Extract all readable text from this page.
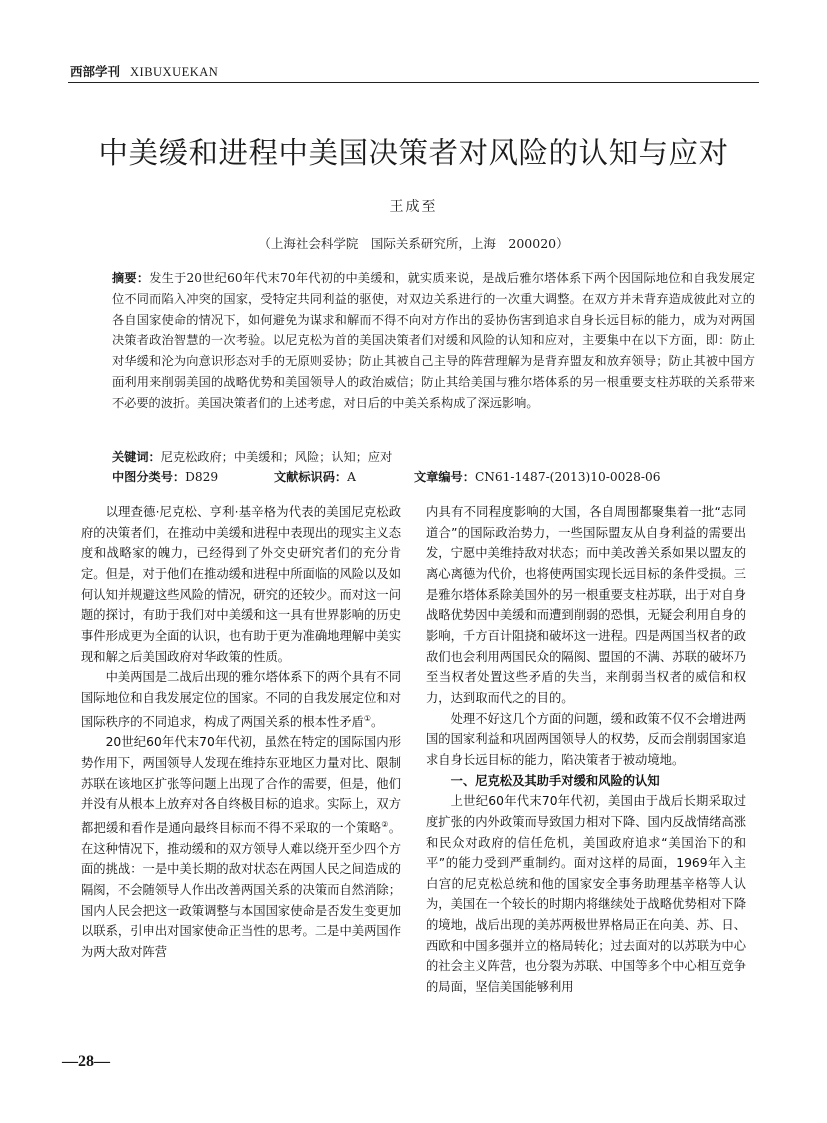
西部学刊 XIBUXUEKAN
中美缓和进程中美国决策者对风险的认知与应对
王成至
（上海社会科学院　国际关系研究所，上海　200020）
摘要：发生于20世纪60年代末70年代初的中美缓和，就实质来说，是战后雅尔塔体系下两个因国际地位和自我发展定位不同而陷入冲突的国家，受特定共同利益的驱使，对双边关系进行的一次重大调整。在双方并未背弃造成彼此对立的各自国家使命的情况下，如何避免为谋求和解而不得不向对方作出的妥协伤害到追求自身长远目标的能力，成为对两国决策者政治智慧的一次考验。以尼克松为首的美国决策者们对缓和风险的认知和应对，主要集中在以下方面，即：防止对华缓和沦为向意识形态对手的无原则妥协；防止其被自己主导的阵营理解为是背弃盟友和放弃领导；防止其被中国方面利用来削弱美国的战略优势和美国领导人的政治威信；防止其给美国与雅尔塔体系的另一根重要支柱苏联的关系带来不必要的波折。美国决策者们的上述考虑，对日后的中美关系构成了深远影响。
关键词：尼克松政府；中美缓和；风险；认知；应对
中图分类号：D829	文献标识码：A	文章编号：CN61-1487-(2013)10-0028-06

以理查德·尼克松、亨利·基辛格为代表的美国尼克松政府的决策者们，在推动中美缓和进程中表现出的现实主义态度和战略家的魄力，已经得到了外交史研究者们的充分肯定。但是，对于他们在推动缓和进程中所面临的风险以及如何认知并规避这些风险的情况，研究的还较少。而对这一问题的探讨，有助于我们对中美缓和这一具有世界影响的历史事件形成更为全面的认识，也有助于更为准确地理解中美实现和解之后美国政府对华政策的性质。

中美两国是二战后出现的雅尔塔体系下的两个具有不同国际地位和自我发展定位的国家。不同的自我发展定位和对国际秩序的不同追求，构成了两国关系的根本性矛盾①。

20世纪60年代末70年代初，虽然在特定的国际国内形势作用下，两国领导人发现在维持东亚地区力量对比、限制苏联在该地区扩张等问题上出现了合作的需要，但是，他们并没有从根本上放弃对各自终极目标的追求。实际上，双方都把缓和看作是通向最终目标而不得不采取的一个策略②。在这种情况下，推动缓和的双方领导人难以绕开至少四个方面的挑战：一是中美长期的敌对状态在两国人民之间造成的隔阂，不会随领导人作出改善两国关系的决策而自然消除；国内人民会把这一政策调整与本国国家使命是否发生变更加以联系，引申出对国家使命正当性的思考。二是中美两国作为两大敌对阵营

内具有不同程度影响的大国，各自周围都聚集着一批“志同道合”的国际政治势力，一些国际盟友从自身利益的需要出发，宁愿中美维持敌对状态；而中美改善关系如果以盟友的离心离德为代价，也将使两国实现长远目标的条件受损。三是雅尔塔体系除美国外的另一根重要支柱苏联，出于对自身战略优势因中美缓和而遭到削弱的恐惧，无疑会利用自身的影响，千方百计阻挠和破坏这一进程。四是两国当权者的政敌们也会利用两国民众的隔阂、盟国的不满、苏联的破坏乃至当权者处置这些矛盾的失当，来削弱当权者的威信和权力，达到取而代之的目的。

处理不好这几个方面的问题，缓和政策不仅不会增进两国的国家利益和巩固两国领导人的权势，反而会削弱国家追求自身长远目标的能力，陷决策者于被动境地。

一、尼克松及其助手对缓和风险的认知

上世纪60年代末70年代初，美国由于战后长期采取过度扩张的内外政策而导致国力相对下降、国内反战情绪高涨和民众对政府的信任危机，美国政府追求“美国治下的和平”的能力受到严重制约。面对这样的局面，1969年入主白宫的尼克松总统和他的国家安全事务助理基辛格等人认为，美国在一个较长的时期内将继续处于战略优势相对下降的境地，战后出现的美苏两极世界格局正在向美、苏、日、西欧和中国多强并立的格局转化；过去面对的以苏联为中心的社会主义阵营，也分裂为苏联、中国等多个中心相互竞争的局面，坚信美国能够利用

—28—
